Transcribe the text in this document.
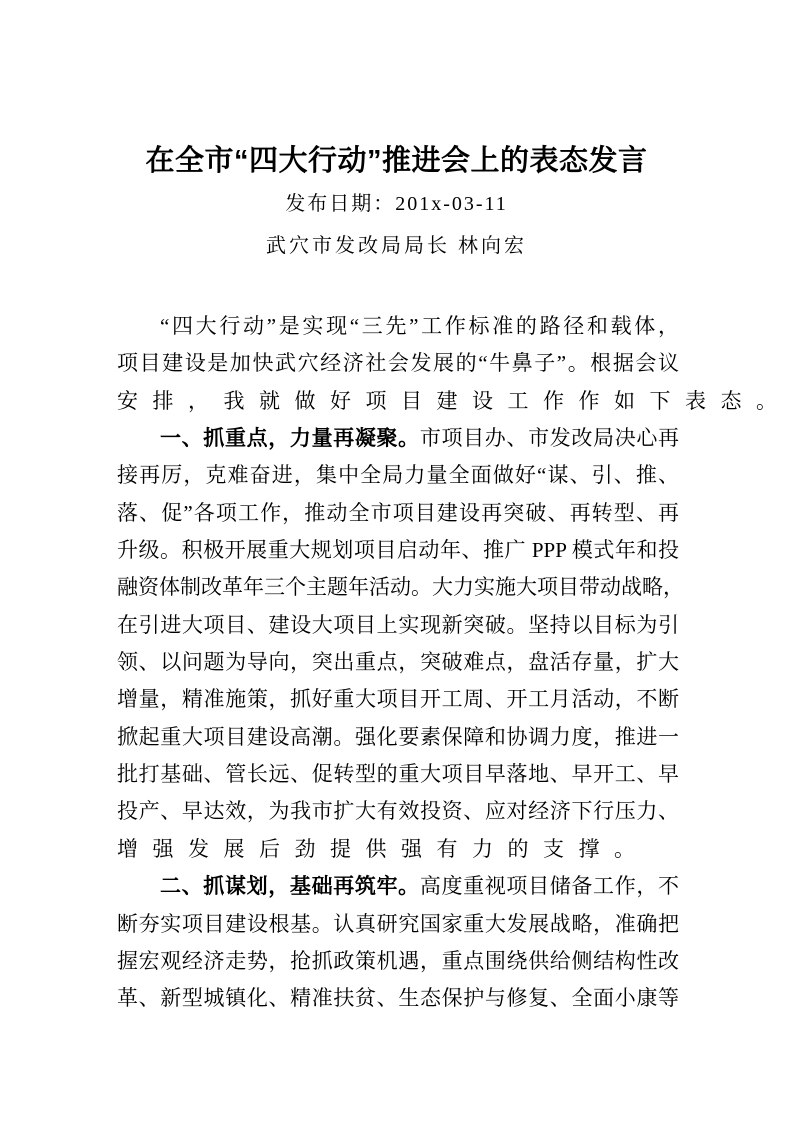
在全市“四大行动”推进会上的表态发言
发布日期：201x-03-11
武穴市发改局局长 林向宏
“四大行动”是实现“三先”工作标准的路径和载体，
项目建设是加快武穴经济社会发展的“牛鼻子”。根据会议
安排，我就做好项目建设工作作如下表态。
一、抓重点，力量再凝聚。市项目办、市发改局决心再
接再厉，克难奋进，集中全局力量全面做好“谋、引、推、
落、促”各项工作，推动全市项目建设再突破、再转型、再
升级。积极开展重大规划项目启动年、推广 PPP 模式年和投
融资体制改革年三个主题年活动。大力实施大项目带动战略，
在引进大项目、建设大项目上实现新突破。坚持以目标为引
领、以问题为导向，突出重点，突破难点，盘活存量，扩大
增量，精准施策，抓好重大项目开工周、开工月活动，不断
掀起重大项目建设高潮。强化要素保障和协调力度，推进一
批打基础、管长远、促转型的重大项目早落地、早开工、早
投产、早达效，为我市扩大有效投资、应对经济下行压力、
增强发展后劲提供强有力的支撑。
二、抓谋划，基础再筑牢。高度重视项目储备工作，不
断夯实项目建设根基。认真研究国家重大发展战略，准确把
握宏观经济走势，抢抓政策机遇，重点围绕供给侧结构性改
革、新型城镇化、精准扶贫、生态保护与修复、全面小康等
